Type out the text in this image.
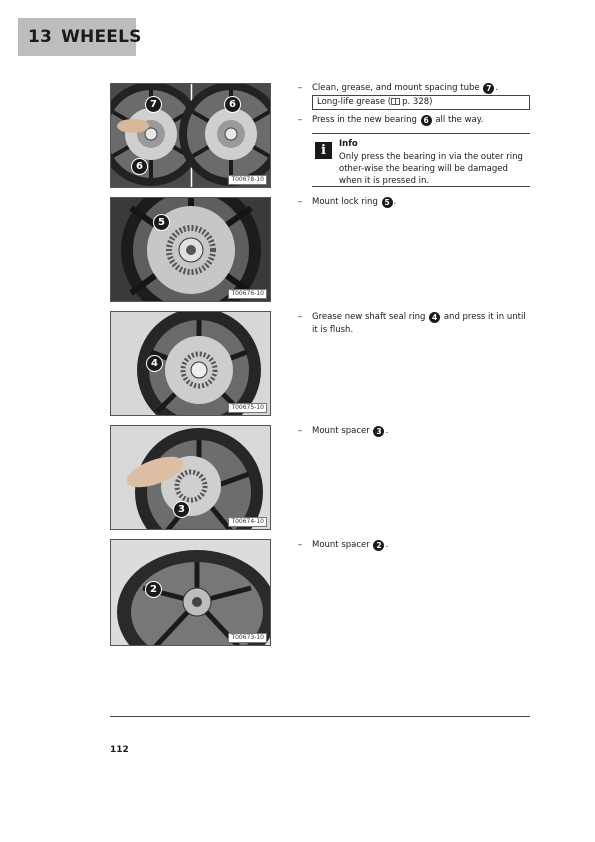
13 WHEELS
7	6
6
T00678-10
5
T00676-10
4
T00675-10
3
T00674-10
2
T00673-10
– Clean, grease, and mount spacing tube 7 .
Long-life grease ( p. 328)
– Press in the new bearing 6 all the way.
i	Info
Only press the bearing in via the outer ring other-wise the bearing will be damaged when it is pressed in.
– Mount lock ring 5 .
– Grease new shaft seal ring 4 and press it in until it is flush.
– Mount spacer 3 .
– Mount spacer 2 .
112
